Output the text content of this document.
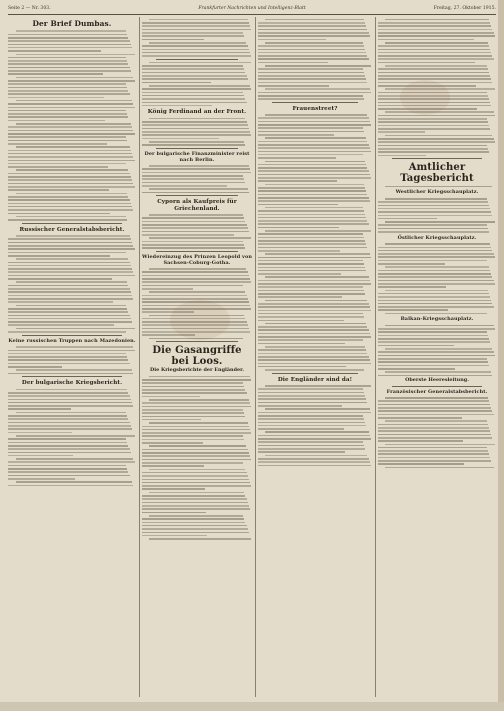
Seite 2 — Nr. 303.	Frankfurter Nachrichten und Intelligenz-Blatt	Freitag, 27. Oktober 1915.
Der Brief Dumbas.
Russischer Generalstabsbericht.
Keine russischen Truppen nach Mazedonien.
Der bulgarische Kriegsbericht.
König Ferdinand an der Front.
Der bulgarische Finanzminister reist nach Berlin.
Cyporn als Kaufpreis für Griechenland.
Wiedereinzug des Prinzen Leopold von Sachsen-Coburg-Gotha.
Die Gasangriffe bei Loos.
Die Kriegsberichte der Engländer.
Frauenstreet?
Die Engländer sind da!
Amtlicher Tagesbericht
Westlicher Kriegsschauplatz.
Östlicher Kriegsschauplatz.
Balkan-Kriegsschauplatz.
Oberste Heeresleitung.
Französischer Generalstabsbericht.
